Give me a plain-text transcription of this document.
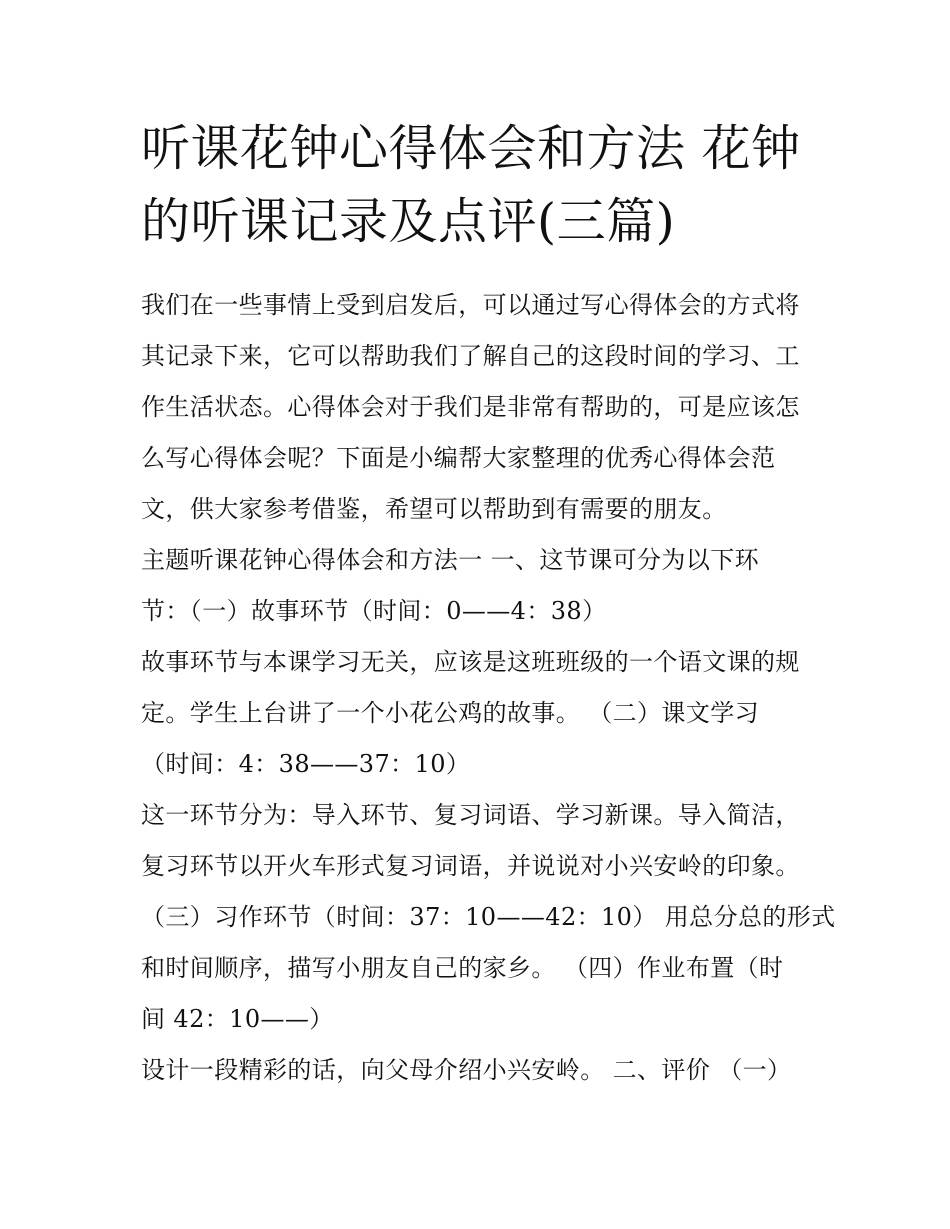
听课花钟心得体会和方法 花钟
的听课记录及点评(三篇)

我们在一些事情上受到启发后，可以通过写心得体会的方式将
其记录下来，它可以帮助我们了解自己的这段时间的学习、工
作生活状态。心得体会对于我们是非常有帮助的，可是应该怎
么写心得体会呢？下面是小编帮大家整理的优秀心得体会范
文，供大家参考借鉴，希望可以帮助到有需要的朋友。

主题听课花钟心得体会和方法一 一、这节课可分为以下环
节：（一）故事环节（时间：0——4：38）

故事环节与本课学习无关，应该是这班班级的一个语文课的规
定。学生上台讲了一个小花公鸡的故事。 （二）课文学习
（时间：4：38——37：10）

这一环节分为：导入环节、复习词语、学习新课。导入简洁，
复习环节以开火车形式复习词语，并说说对小兴安岭的印象。
（三）习作环节（时间：37：10——42：10） 用总分总的形式
和时间顺序，描写小朋友自己的家乡。 （四）作业布置（时
间 42：10——）

设计一段精彩的话，向父母介绍小兴安岭。 二、评价 （一）
